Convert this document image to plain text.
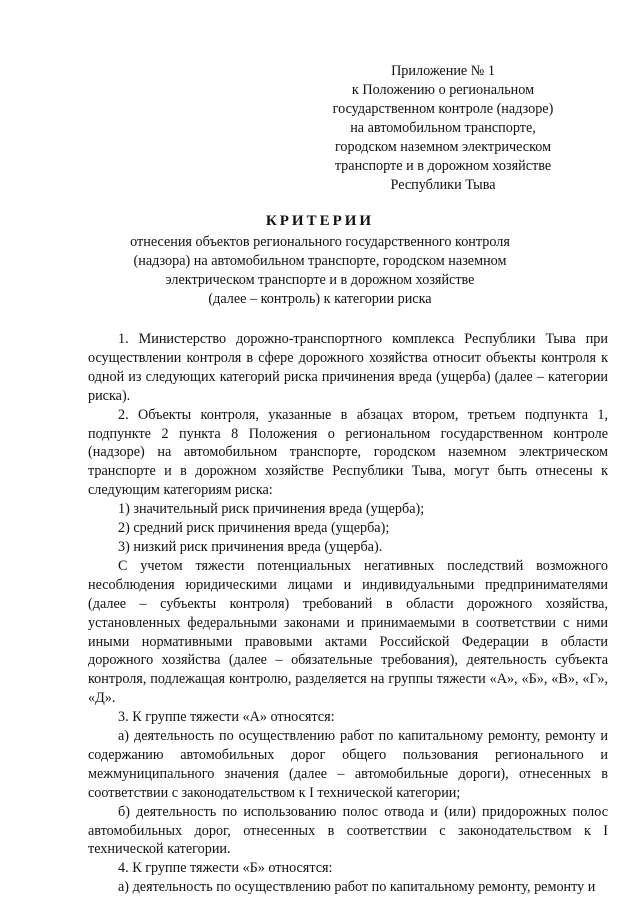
Приложение № 1
к Положению о региональном
государственном контроле (надзоре)
на автомобильном транспорте,
городском наземном электрическом
транспорте и в дорожном хозяйстве
Республики Тыва
КРИТЕРИИ
отнесения объектов регионального государственного контроля
(надзора) на автомобильном транспорте, городском наземном
электрическом транспорте и в дорожном хозяйстве
(далее – контроль) к категории риска

1. Министерство дорожно-транспортного комплекса Республики Тыва при осуществлении контроля в сфере дорожного хозяйства относит объекты контроля к одной из следующих категорий риска причинения вреда (ущерба) (далее – категории риска).

2. Объекты контроля, указанные в абзацах втором, третьем подпункта 1, подпункте 2 пункта 8 Положения о региональном государственном контроле (надзоре) на автомобильном транспорте, городском наземном электрическом транспорте и в дорожном хозяйстве Республики Тыва, могут быть отнесены к следующим категориям риска:

1) значительный риск причинения вреда (ущерба);

2) средний риск причинения вреда (ущерба);

3) низкий риск причинения вреда (ущерба).

С учетом тяжести потенциальных негативных последствий возможного несоблюдения юридическими лицами и индивидуальными предпринимателями (далее – субъекты контроля) требований в области дорожного хозяйства, установленных федеральными законами и принимаемыми в соответствии с ними иными нормативными правовыми актами Российской Федерации в области дорожного хозяйства (далее – обязательные требования), деятельность субъекта контроля, подлежащая контролю, разделяется на группы тяжести «А», «Б», «В», «Г», «Д».

3. К группе тяжести «А» относятся:

а) деятельность по осуществлению работ по капитальному ремонту, ремонту и содержанию автомобильных дорог общего пользования регионального и межмуниципального значения (далее – автомобильные дороги), отнесенных в соответствии с законодательством к I технической категории;

б) деятельность по использованию полос отвода и (или) придорожных полос автомобильных дорог, отнесенных в соответствии с законодательством к I технической категории.

4. К группе тяжести «Б» относятся:

а) деятельность по осуществлению работ по капитальному ремонту, ремонту и
